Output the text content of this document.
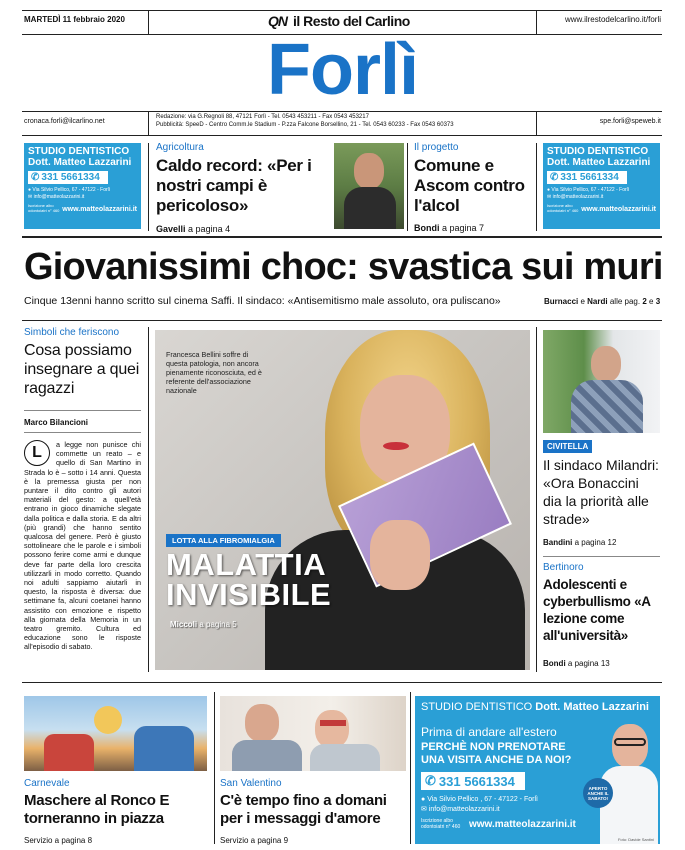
MARTEDÌ 11 febbraio 2020	QN il Resto del Carlino	www.ilrestodelcarlino.it/forli
Forlì
cronaca.forli@ilcarlino.net
Redazione: via G.Regnoli 88, 47121 Forlì - Tel. 0543 453211 - Fax 0543 453217
Pubblicità: SpeeD - Centro Comm.le Stadium - P.zza Falcone Borsellino, 21 - Tel. 0543 60233 - Fax 0543 60373	spe.forli@speweb.it
STUDIO DENTISTICO
Dott. Matteo Lazzarini
✆ 331 5661334
● Via Silvio Pellico, 67 - 47122 - Forlì
✉ info@matteolazzarini.it
Iscrizione albo odontoiatri n° 460 www.matteolazzarini.it
Agricoltura
Caldo record: «Per i nostri campi è pericoloso»
Gavelli a pagina 4
Il progetto
Comune e Ascom contro l'alcol
Bondi a pagina 7
STUDIO DENTISTICO
Dott. Matteo Lazzarini
✆ 331 5661334
● Via Silvio Pellico, 67 - 47122 - Forlì
✉ info@matteolazzarini.it
Iscrizione albo odontoiatri n° 460 www.matteolazzarini.it
Giovanissimi choc: svastica sui muri
Cinque 13enni hanno scritto sul cinema Saffi. Il sindaco: «Antisemitismo male assoluto, ora puliscano»	Burnacci e Nardi alle pag. 2 e 3
Simboli che feriscono
Cosa possiamo insegnare a quei ragazzi
Marco Bilancioni
L	a legge non punisce chi commette un reato – e quello di San Martino in Strada lo è – sotto i 14 anni. Questa è la premessa giusta per non puntare il dito contro gli autori materiali del gesto: a quell'età entrano in gioco dinamiche slegate dalla politica e dalla storia. E da altri (più grandi) che hanno sentito qualcosa del genere. Però è giusto sottolineare che le parole e i simboli possono ferire come armi e dunque deve far parte della loro crescita utilizzarli in modo corretto. Quando noi adulti sappiamo aiutarli in questo, la risposta è diversa: due settimane fa, alcuni coetanei hanno assistito con emozione e rispetto alla giornata della Memoria in un teatro gremito. Cultura ed educazione sono le risposte all'episodio di sabato.
Francesca Bellini soffre di questa patologia, non ancora pienamente riconosciuta, ed è referente dell'associazione nazionale
LOTTA ALLA FIBROMIALGIA
MALATTIA
INVISIBILE
Miccoli a pagina 5
CIVITELLA
Il sindaco Milandri: «Ora Bonaccini dia la priorità alle strade»
Bandini a pagina 12
Bertinoro
Adolescenti e cyberbullismo «A lezione come all'università»
Bondi a pagina 13
Carnevale
Maschere al Ronco E torneranno in piazza
Servizio a pagina 8
San Valentino
C'è tempo fino a domani per i messaggi d'amore
Servizio a pagina 9
STUDIO DENTISTICO Dott. Matteo Lazzarini
Prima di andare all'estero
PERCHÈ NON PRENOTARE UNA VISITA ANCHE DA NOI?
✆ 331 5661334
● Via Silvio Pellico , 67 - 47122 - Forlì
✉ info@matteolazzarini.it
Iscrizione albo odontoiatri n° 460 www.matteolazzarini.it
APERTO ANCHE IL SABATO!
Foto: Davide Santini
